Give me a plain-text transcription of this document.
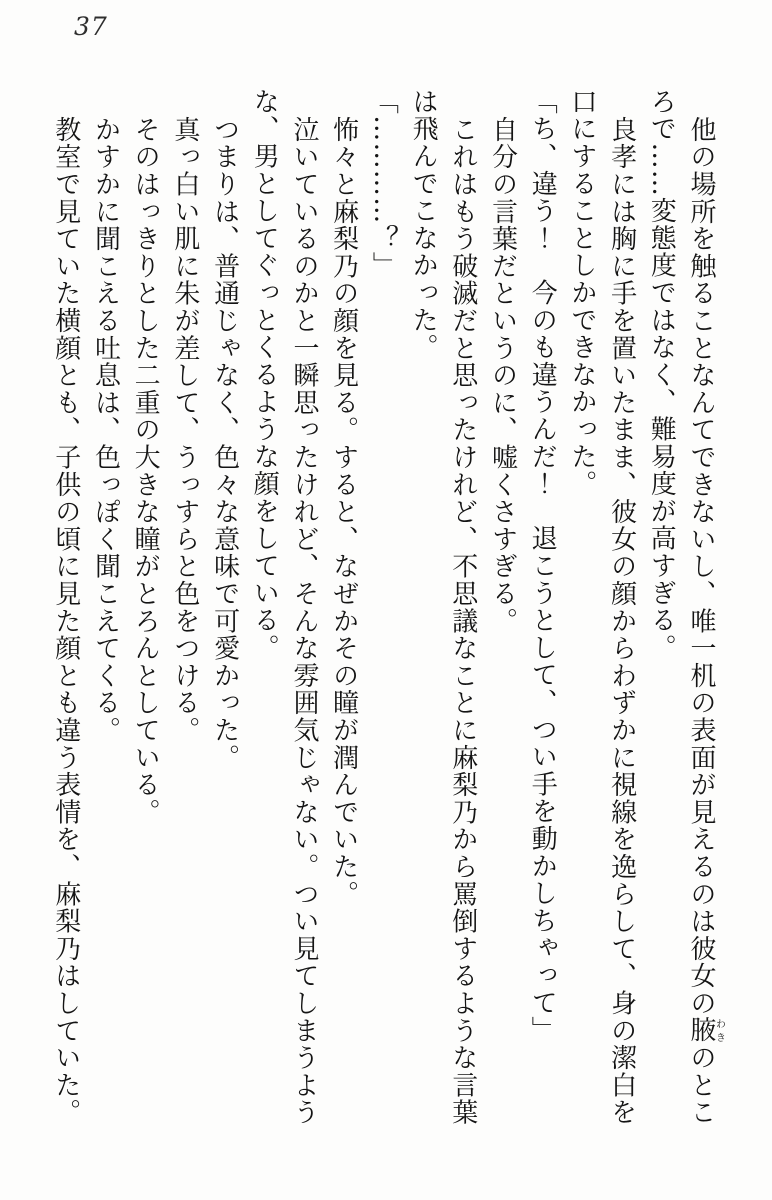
37

他の場所を触ることなんてできないし、唯一机の表面が見えるのは彼女の腋わきのとこ

ろで……変態度ではなく、難易度が高すぎる。

良孝には胸に手を置いたまま、彼女の顔からわずかに視線を逸らして、身の潔白を

口にすることしかできなかった。

「ち、違う！　今のも違うんだ！　退こうとして、つい手を動かしちゃって」

自分の言葉だというのに、嘘くさすぎる。

これはもう破滅だと思ったけれど、不思議なことに麻梨乃から罵倒するような言葉

は飛んでこなかった。

「…………？」

怖々と麻梨乃の顔を見る。すると、なぜかその瞳が潤んでいた。

泣いているのかと一瞬思ったけれど、そんな雰囲気じゃない。つい見てしまうよう

な、男としてぐっとくるような顔をしている。

つまりは、普通じゃなく、色々な意味で可愛かった。

真っ白い肌に朱が差して、うっすらと色をつける。

そのはっきりとした二重の大きな瞳がとろんとしている。

かすかに聞こえる吐息は、色っぽく聞こえてくる。

教室で見ていた横顔とも、子供の頃に見た顔とも違う表情を、麻梨乃はしていた。
